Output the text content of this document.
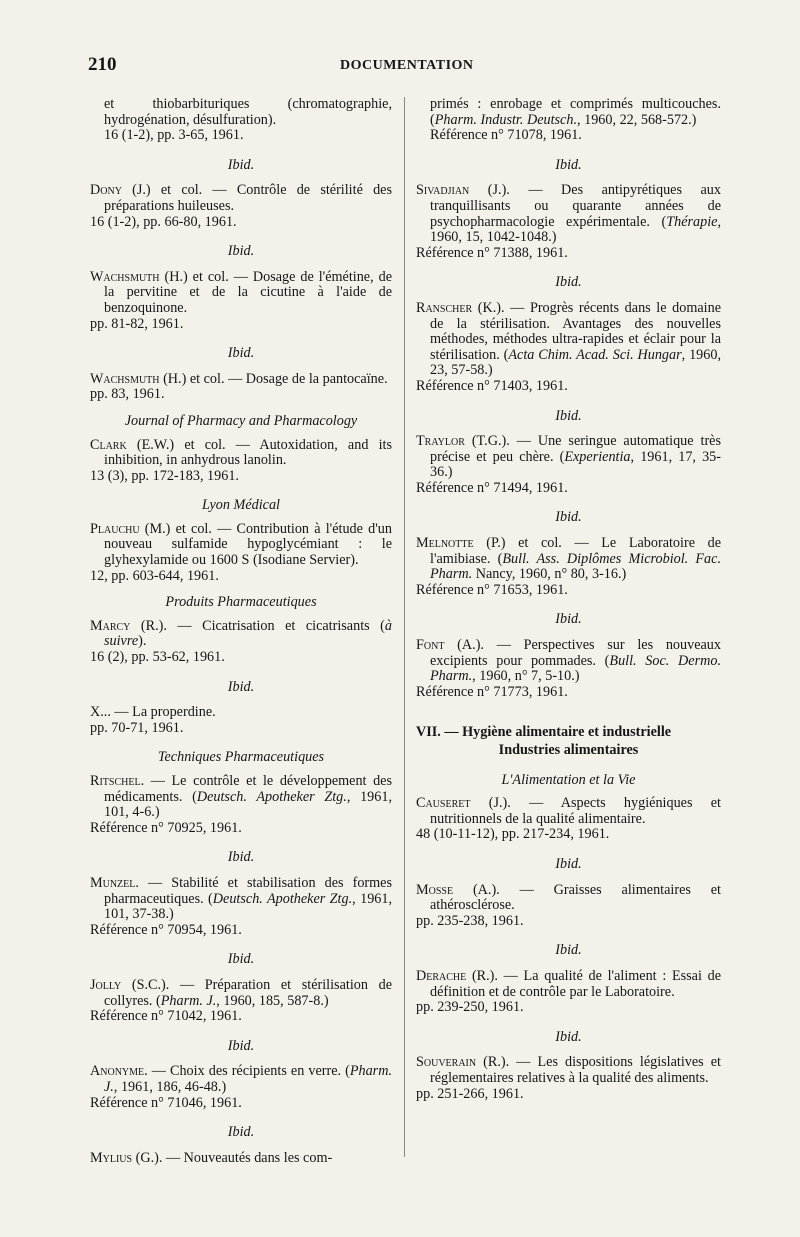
210	DOCUMENTATION

et thiobarbituriques (chromatographie, hydrogénation, désulfuration).
16 (1-2), pp. 3-65, 1961.

Ibid.

Dony (J.) et col. — Contrôle de stérilité des préparations huileuses.
16 (1-2), pp. 66-80, 1961.

Ibid.

Wachsmuth (H.) et col. — Dosage de l'émétine, de la pervitine et de la cicutine à l'aide de benzoquinone.
pp. 81-82, 1961.

Ibid.

Wachsmuth (H.) et col. — Dosage de la pantocaïne.
pp. 83, 1961.

Journal of Pharmacy and Pharmacology

Clark (E.W.) et col. — Autoxidation, and its inhibition, in anhydrous lanolin.
13 (3), pp. 172-183, 1961.

Lyon Médical

Plauchu (M.) et col. — Contribution à l'étude d'un nouveau sulfamide hypoglycémiant : le glyhexylamide ou 1600 S (Isodiane Servier).
12, pp. 603-644, 1961.

Produits Pharmaceutiques

Marcy (R.). — Cicatrisation et cicatrisants (à suivre).
16 (2), pp. 53-62, 1961.

Ibid.

X... — La properdine.
pp. 70-71, 1961.

Techniques Pharmaceutiques

Ritschel. — Le contrôle et le développement des médicaments. (Deutsch. Apotheker Ztg., 1961, 101, 4-6.)
Référence n° 70925, 1961.

Ibid.

Munzel. — Stabilité et stabilisation des formes pharmaceutiques. (Deutsch. Apotheker Ztg., 1961, 101, 37-38.)
Référence n° 70954, 1961.

Ibid.

Jolly (S.C.). — Préparation et stérilisation de collyres. (Pharm. J., 1960, 185, 587-8.)
Référence n° 71042, 1961.

Ibid.

Anonyme. — Choix des récipients en verre. (Pharm. J., 1961, 186, 46-48.)
Référence n° 71046, 1961.

Ibid.

Mylius (G.). — Nouveautés dans les com-

primés : enrobage et comprimés multicouches. (Pharm. Industr. Deutsch., 1960, 22, 568-572.)
Référence n° 71078, 1961.

Ibid.

Sivadjian (J.). — Des antipyrétiques aux tranquillisants ou quarante années de psychopharmacologie expérimentale. (Thérapie, 1960, 15, 1042-1048.)
Référence n° 71388, 1961.

Ibid.

Ranscher (K.). — Progrès récents dans le domaine de la stérilisation. Avantages des nouvelles méthodes, méthodes ultra-rapides et éclair pour la stérilisation. (Acta Chim. Acad. Sci. Hungar, 1960, 23, 57-58.)
Référence n° 71403, 1961.

Ibid.

Traylor (T.G.). — Une seringue automatique très précise et peu chère. (Experientia, 1961, 17, 35-36.)
Référence n° 71494, 1961.

Ibid.

Melnotte (P.) et col. — Le Laboratoire de l'amibiase. (Bull. Ass. Diplômes Microbiol. Fac. Pharm. Nancy, 1960, n° 80, 3-16.)
Référence n° 71653, 1961.

Ibid.

Font (A.). — Perspectives sur les nouveaux excipients pour pommades. (Bull. Soc. Dermo. Pharm., 1960, n° 7, 5-10.)
Référence n° 71773, 1961.

VII. — Hygiène alimentaire et industrielle

Industries alimentaires

L'Alimentation et la Vie

Causeret (J.). — Aspects hygiéniques et nutritionnels de la qualité alimentaire.
48 (10-11-12), pp. 217-234, 1961.

Ibid.

Mosse (A.). — Graisses alimentaires et athérosclérose.
pp. 235-238, 1961.

Ibid.

Derache (R.). — La qualité de l'aliment : Essai de définition et de contrôle par le Laboratoire.
pp. 239-250, 1961.

Ibid.

Souverain (R.). — Les dispositions législatives et réglementaires relatives à la qualité des aliments.
pp. 251-266, 1961.
